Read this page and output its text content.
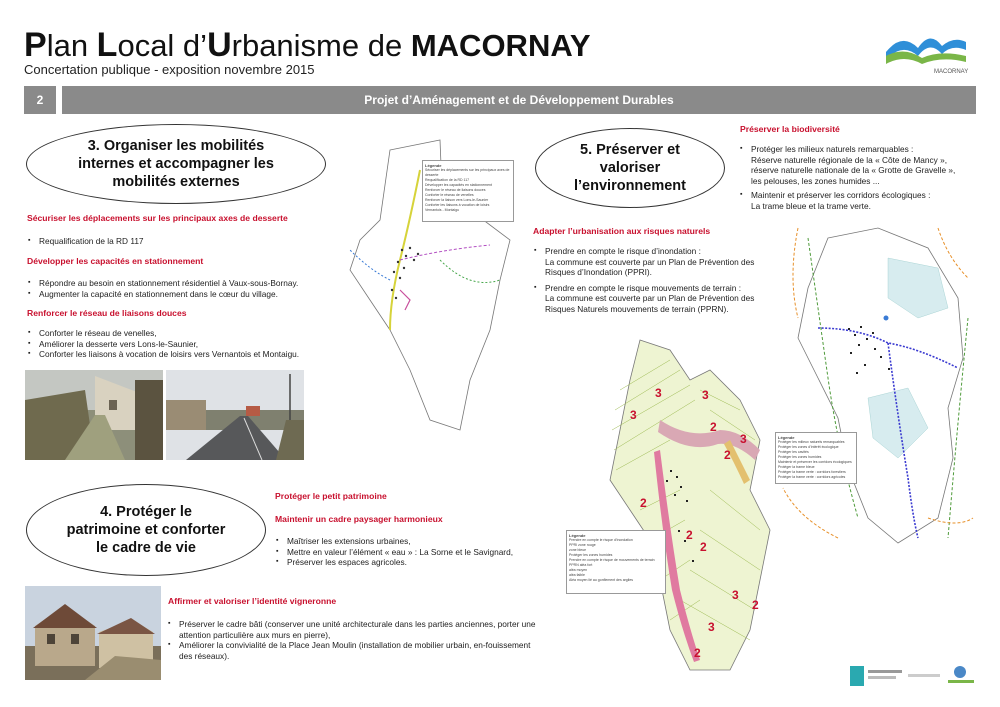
Plan Local d’Urbanisme de MACORNAY
Concertation publique - exposition novembre 2015	MACORNAY
2	Projet d’Aménagement et de Développement Durables
3. Organiser les mobilités
internes et accompagner les
mobilités externes
Sécuriser les déplacements sur les principaux axes de desserte
▪ Requalification de la RD 117
Développer les capacités en stationnement
▪ Répondre au besoin en stationnement résidentiel à Vaux-sous-Bornay.
▪ Augmenter la capacité en stationnement dans le cœur du village.
Renforcer le réseau de liaisons douces
▪ Conforter le réseau de venelles,
▪ Améliorer la desserte vers Lons-le-Saunier,
▪ Conforter les liaisons à vocation de loisirs vers Vernantois et Montaigu.
Légende
Sécuriser les déplacements sur les principaux axes de desserte
Requalification de la RD 117
Développer les capacités en stationnement
Renforcer le réseau de liaisons douces
Conforter le réseau de venelles
Renforcer la liaison vers Lons-le-Saunier
Conforter les liaisons à vocation de loisirs
Vernantois - Montaigu
4. Protéger le
patrimoine et conforter
le cadre de vie
Protéger le petit patrimoine
Maintenir un cadre paysager harmonieux
▪ Maîtriser les extensions urbaines,
▪ Mettre en valeur l’élément « eau » : La Sorne et le Savignard,
▪ Préserver les espaces agricoles.
Affirmer et valoriser l’identité vigneronne
▪ Préserver le cadre bâti (conserver une unité architecturale dans les parties anciennes, porter une attention particulière aux murs en pierre),
▪ Améliorer la convivialité de la Place Jean Moulin (installation de mobilier urbain, en-fouissement des réseaux).
5. Préserver et
valoriser
l’environnement
Préserver la biodiversité
▪ Protéger les milieux naturels remarquables :
Réserve naturelle régionale de la « Côte de Mancy »,
réserve naturelle nationale de la « Grotte de Gravelle »,
les pelouses, les zones humides ...
▪ Maintenir et préserver les corridors écologiques :
La trame bleue et la trame verte.
Adapter l’urbanisation aux risques naturels
▪ Prendre en compte le risque d’inondation :
La commune est couverte par un Plan de Prévention des Risques d’Inondation (PPRI).
▪ Prendre en compte le risque mouvements de terrain :
La commune est couverte par un Plan de Prévention des Risques Naturels mouvements de terrain (PPRN).
3	3
3
2
3
2
2
2
2
3
2
3
2
Légende
Prendre en compte le risque d’inondation
PPRI zone rouge
zone bleue
Protéger les zones humides
Prendre en compte le risque de mouvements de terrain
PPRN aléa fort
aléa moyen
aléa faible
Aléa moyen lié au gonflement des argiles
Légende
Protéger les milieux naturels remarquables
Protéger les zones d’intérêt écologique
Protéger les cavités
Protéger les zones humides
Maintenir et préserver les corridors écologiques
Protéger la trame bleue
Protéger la trame verte : corridors forestiers
Protéger la trame verte : corridors agricoles
